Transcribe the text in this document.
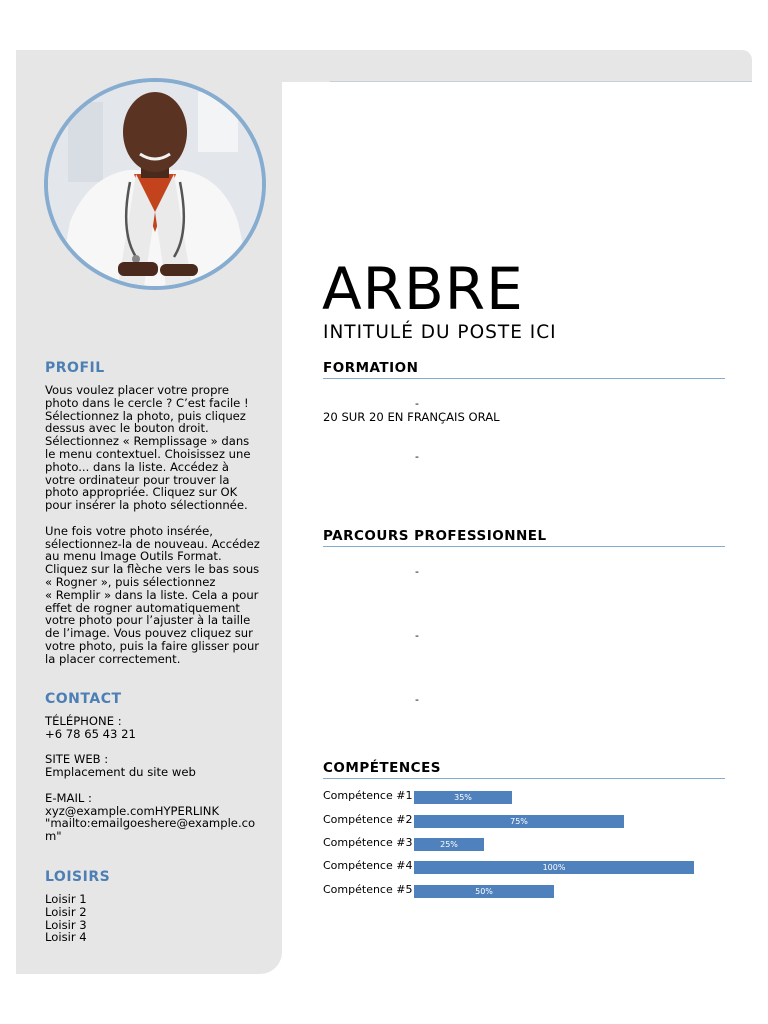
PROFIL

Vous voulez placer votre propre
photo dans le cercle ? C’est facile !
Sélectionnez la photo, puis cliquez
dessus avec le bouton droit.
Sélectionnez « Remplissage » dans
le menu contextuel. Choisissez une
photo... dans la liste. Accédez à
votre ordinateur pour trouver la
photo appropriée. Cliquez sur OK
pour insérer la photo sélectionnée.

Une fois votre photo insérée,
sélectionnez-la de nouveau. Accédez
au menu Image Outils Format.
Cliquez sur la flèche vers le bas sous
« Rogner », puis sélectionnez
« Remplir » dans la liste. Cela a pour
effet de rogner automatiquement
votre photo pour l’ajuster à la taille
de l’image. Vous pouvez cliquez sur
votre photo, puis la faire glisser pour
la placer correctement.

CONTACT

TÉLÉPHONE :

+6 78 65 43 21

SITE WEB :

Emplacement du site web

E-MAIL :

xyz@example.comHYPERLINK
"mailto:emailgoeshere@example.co
m"

LOISIRS

Loisir 1

Loisir 2

Loisir 3

Loisir 4

ARBRE
INTITULÉ DU POSTE ICI
FORMATION
-
20 SUR 20 EN FRANÇAIS ORAL
-
PARCOURS PROFESSIONNEL
-
-
-
COMPÉTENCES
Compétence #1	35%
Compétence #2	75%
Compétence #3	25%
Compétence #4	100%
Compétence #5	50%
